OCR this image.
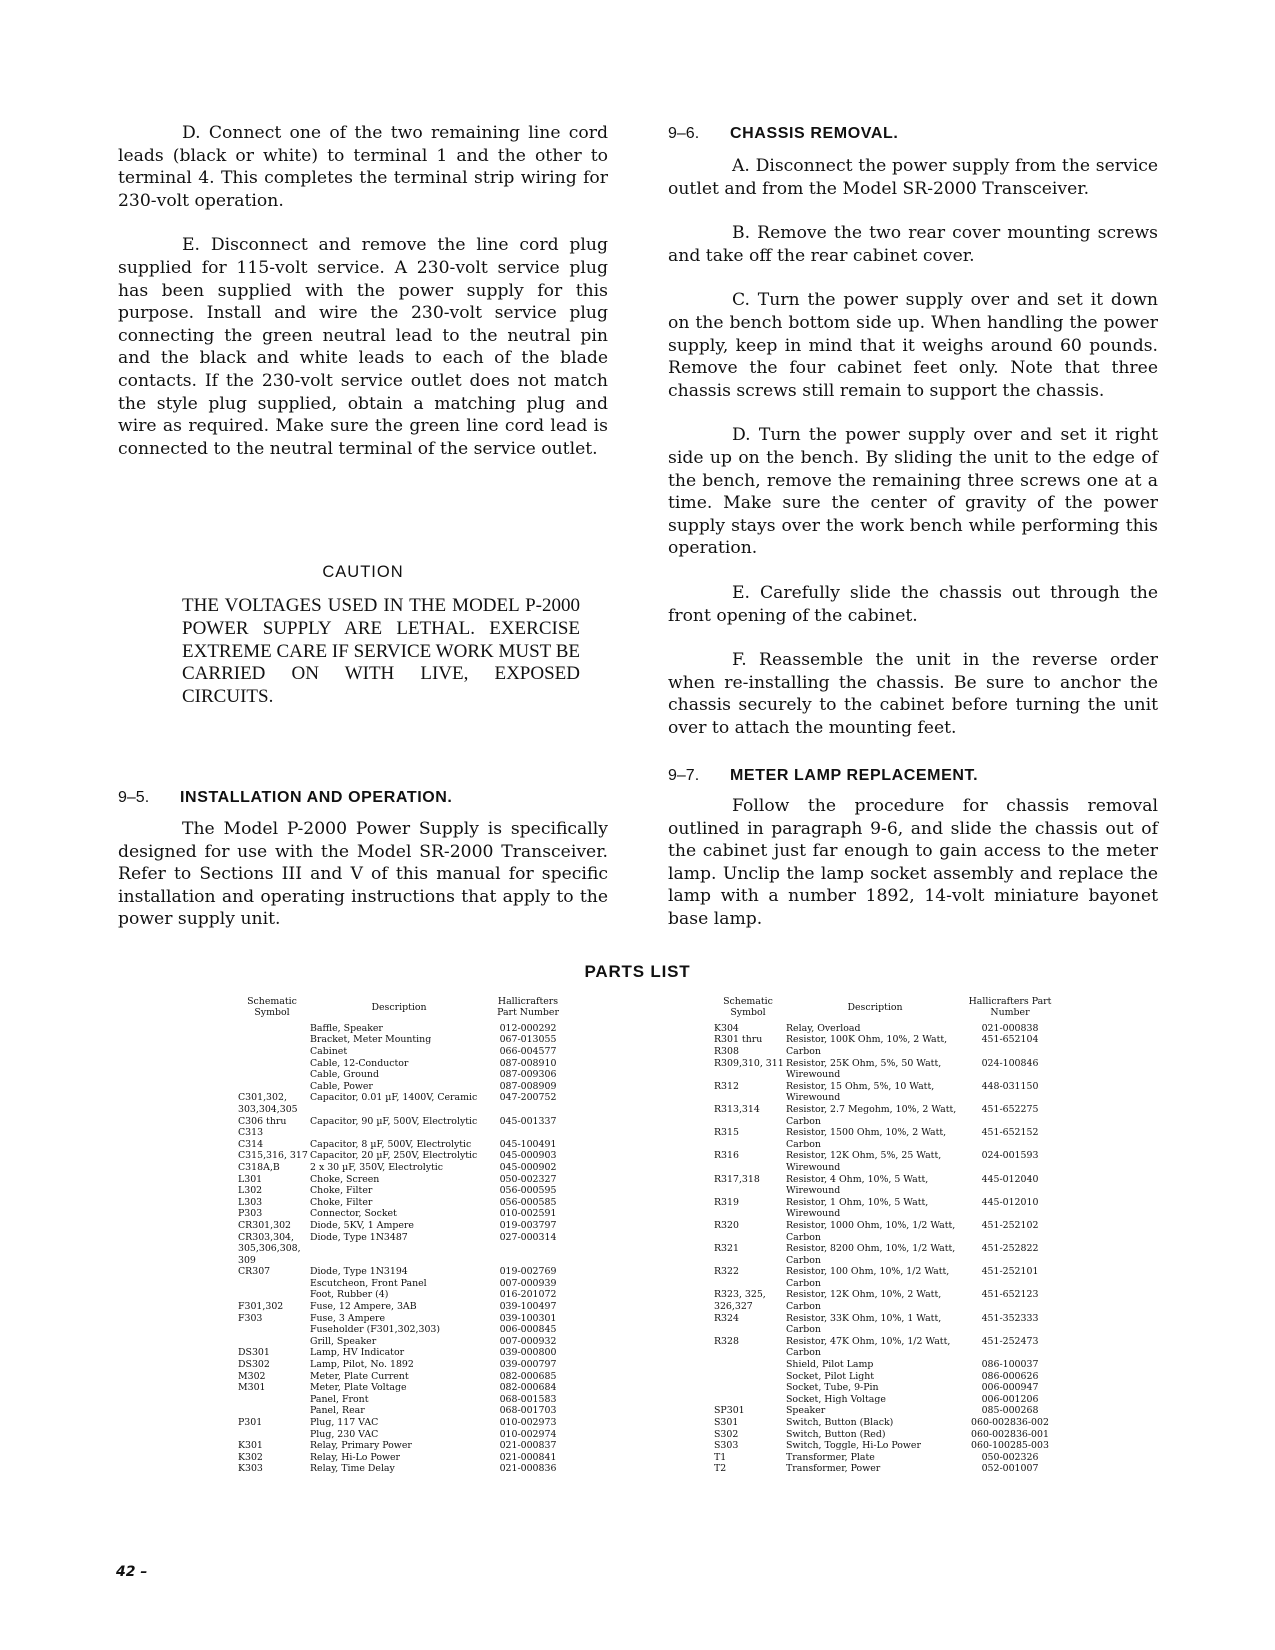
D. Connect one of the two remaining line cord leads (black or white) to terminal 1 and the other to terminal 4. This completes the terminal strip wiring for 230-volt operation.

E. Disconnect and remove the line cord plug supplied for 115-volt service. A 230-volt service plug has been supplied with the power supply for this purpose. Install and wire the 230-volt service plug connecting the green neutral lead to the neutral pin and the black and white leads to each of the blade contacts. If the 230-volt service outlet does not match the style plug supplied, obtain a matching plug and wire as required. Make sure the green line cord lead is connected to the neutral terminal of the service outlet.

CAUTION
THE VOLTAGES USED IN THE MODEL P-2000 POWER SUPPLY ARE LETHAL. EXERCISE EXTREME CARE IF SERVICE WORK MUST BE CARRIED ON WITH LIVE, EXPOSED CIRCUITS.
9–5. INSTALLATION AND OPERATION.

The Model P-2000 Power Supply is specifically designed for use with the Model SR-2000 Transceiver. Refer to Sections III and V of this manual for specific installation and operating instructions that apply to the power supply unit.

9–6. CHASSIS REMOVAL.

A. Disconnect the power supply from the service outlet and from the Model SR-2000 Transceiver.

B. Remove the two rear cover mounting screws and take off the rear cabinet cover.

C. Turn the power supply over and set it down on the bench bottom side up. When handling the power supply, keep in mind that it weighs around 60 pounds. Remove the four cabinet feet only. Note that three chassis screws still remain to support the chassis.

D. Turn the power supply over and set it right side up on the bench. By sliding the unit to the edge of the bench, remove the remaining three screws one at a time. Make sure the center of gravity of the power supply stays over the work bench while performing this operation.

E. Carefully slide the chassis out through the front opening of the cabinet.

F. Reassemble the unit in the reverse order when re-installing the chassis. Be sure to anchor the chassis securely to the cabinet before turning the unit over to attach the mounting feet.

9–7. METER LAMP REPLACEMENT.

Follow the procedure for chassis removal outlined in paragraph 9-6, and slide the chassis out of the cabinet just far enough to gain access to the meter lamp. Unclip the lamp socket assembly and replace the lamp with a number 1892, 14-volt miniature bayonet base lamp.

PARTS LIST
Schematic Symbol	Description	Hallicrafters Part Number
	Baffle, Speaker	012-000292
	Bracket, Meter Mounting	067-013055
	Cabinet	066-004577
	Cable, 12-Conductor	087-008910
	Cable, Ground	087-009306
	Cable, Power	087-008909
C301,302, 303,304,305	Capacitor, 0.01 µF, 1400V, Ceramic	047-200752
C306 thru C313	Capacitor, 90 µF, 500V, Electrolytic	045-001337
C314	Capacitor, 8 µF, 500V, Electrolytic	045-100491
C315,316, 317	Capacitor, 20 µF, 250V, Electrolytic	045-000903
C318A,B	2 x 30 µF, 350V, Electrolytic	045-000902
L301	Choke, Screen	050-002327
L302	Choke, Filter	056-000595
L303	Choke, Filter	056-000585
P303	Connector, Socket	010-002591
CR301,302	Diode, 5KV, 1 Ampere	019-003797
CR303,304, 305,306,308, 309	Diode, Type 1N3487	027-000314
CR307	Diode, Type 1N3194	019-002769
	Escutcheon, Front Panel	007-000939
	Foot, Rubber (4)	016-201072
F301,302	Fuse, 12 Ampere, 3AB	039-100497
F303	Fuse, 3 Ampere	039-100301
	Fuseholder (F301,302,303)	006-000845
	Grill, Speaker	007-000932
DS301	Lamp, HV Indicator	039-000800
DS302	Lamp, Pilot, No. 1892	039-000797
M302	Meter, Plate Current	082-000685
M301	Meter, Plate Voltage	082-000684
	Panel, Front	068-001583
	Panel, Rear	068-001703
P301	Plug, 117 VAC	010-002973
	Plug, 230 VAC	010-002974
K301	Relay, Primary Power	021-000837
K302	Relay, Hi-Lo Power	021-000841
K303	Relay, Time Delay	021-000836
Schematic Symbol	Description	Hallicrafters Part Number
K304	Relay, Overload	021-000838
R301 thru R308	Resistor, 100K Ohm, 10%, 2 Watt, Carbon	451-652104
R309,310, 311	Resistor, 25K Ohm, 5%, 50 Watt, Wirewound	024-100846
R312	Resistor, 15 Ohm, 5%, 10 Watt, Wirewound	448-031150
R313,314	Resistor, 2.7 Megohm, 10%, 2 Watt, Carbon	451-652275
R315	Resistor, 1500 Ohm, 10%, 2 Watt, Carbon	451-652152
R316	Resistor, 12K Ohm, 5%, 25 Watt, Wirewound	024-001593
R317,318	Resistor, 4 Ohm, 10%, 5 Watt, Wirewound	445-012040
R319	Resistor, 1 Ohm, 10%, 5 Watt, Wirewound	445-012010
R320	Resistor, 1000 Ohm, 10%, 1/2 Watt, Carbon	451-252102
R321	Resistor, 8200 Ohm, 10%, 1/2 Watt, Carbon	451-252822
R322	Resistor, 100 Ohm, 10%, 1/2 Watt, Carbon	451-252101
R323, 325, 326,327	Resistor, 12K Ohm, 10%, 2 Watt, Carbon	451-652123
R324	Resistor, 33K Ohm, 10%, 1 Watt, Carbon	451-352333
R328	Resistor, 47K Ohm, 10%, 1/2 Watt, Carbon	451-252473
	Shield, Pilot Lamp	086-100037
	Socket, Pilot Light	086-000626
	Socket, Tube, 9-Pin	006-000947
	Socket, High Voltage	006-001206
SP301	Speaker	085-000268
S301	Switch, Button (Black)	060-002836-002
S302	Switch, Button (Red)	060-002836-001
S303	Switch, Toggle, Hi-Lo Power	060-100285-003
T1	Transformer, Plate	050-002326
T2	Transformer, Power	052-001007
42 –
